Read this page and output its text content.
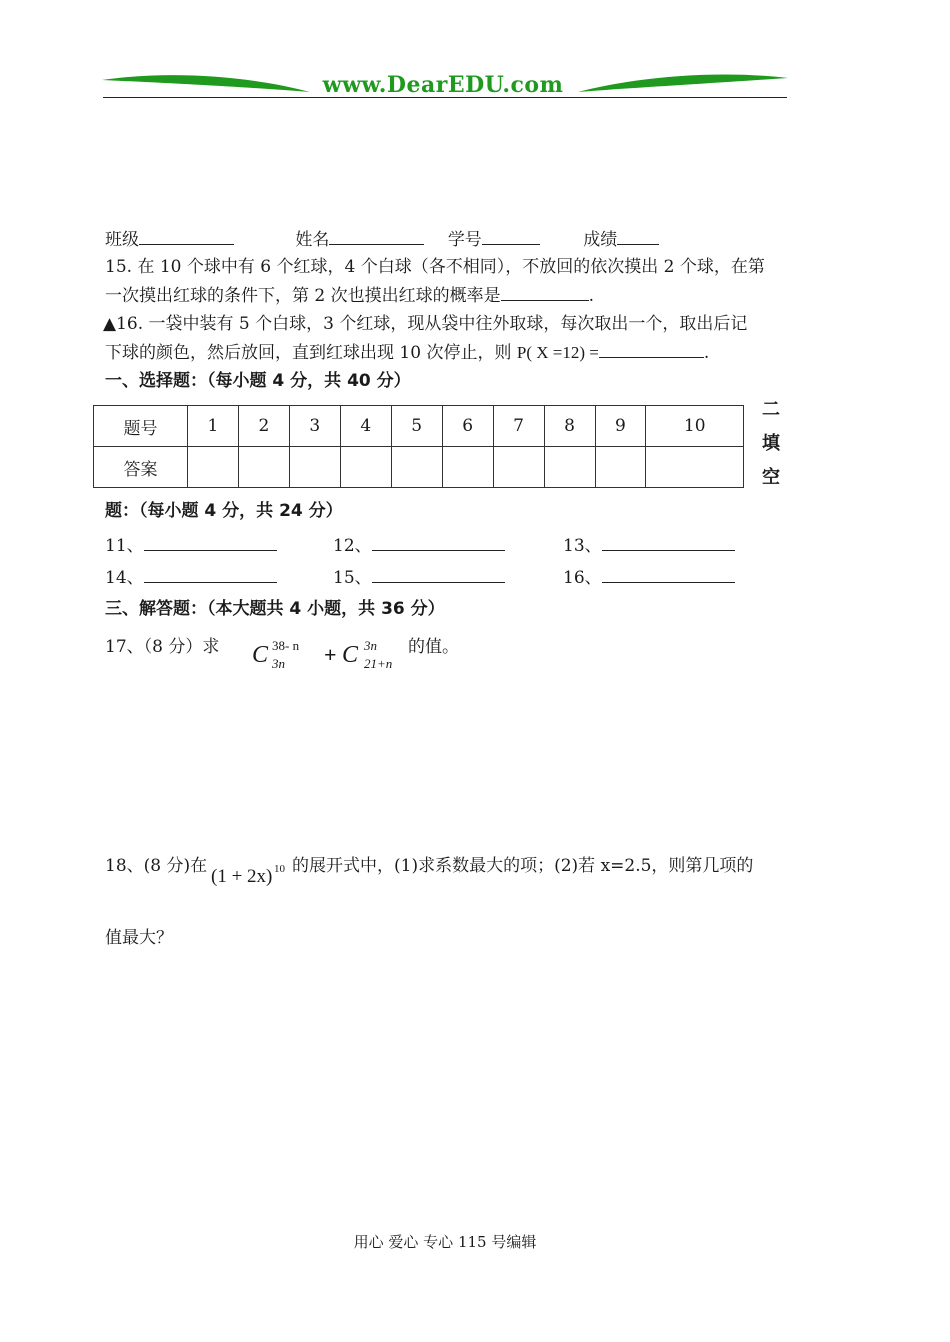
www.DearEDU.com
班级	姓名	学号	成绩
15. 在 10 个球中有 6 个红球，4 个白球（各不相同），不放回的依次摸出 2 个球，在第
一次摸出红球的条件下，第 2 次也摸出红球的概率是	.
▲16. 一袋中装有 5 个白球，3 个红球，现从袋中往外取球，每次取出一个，取出后记
下球的颜色，然后放回，直到红球出现 10 次停止，则 P( X =12) =	.
一、选择题：（每小题 4 分，共 40 分）
题号	1	2	3	4	5	6	7	8	9	10
答案										
二
填
空
题：（每小题 4 分，共 24 分）
11、	12、	13、
14、	15、	16、
三、解答题：（本大题共 4 小题，共 36 分）
17、（8 分）求 C 38- n
3n + C 3n
21+n
的值。
18、(8 分)在 (1 + 2x) 10 的展开式中，(1)求系数最大的项；(2)若 x=2.5，则第几项的
值最大？
用心 爱心 专心 115 号编辑
